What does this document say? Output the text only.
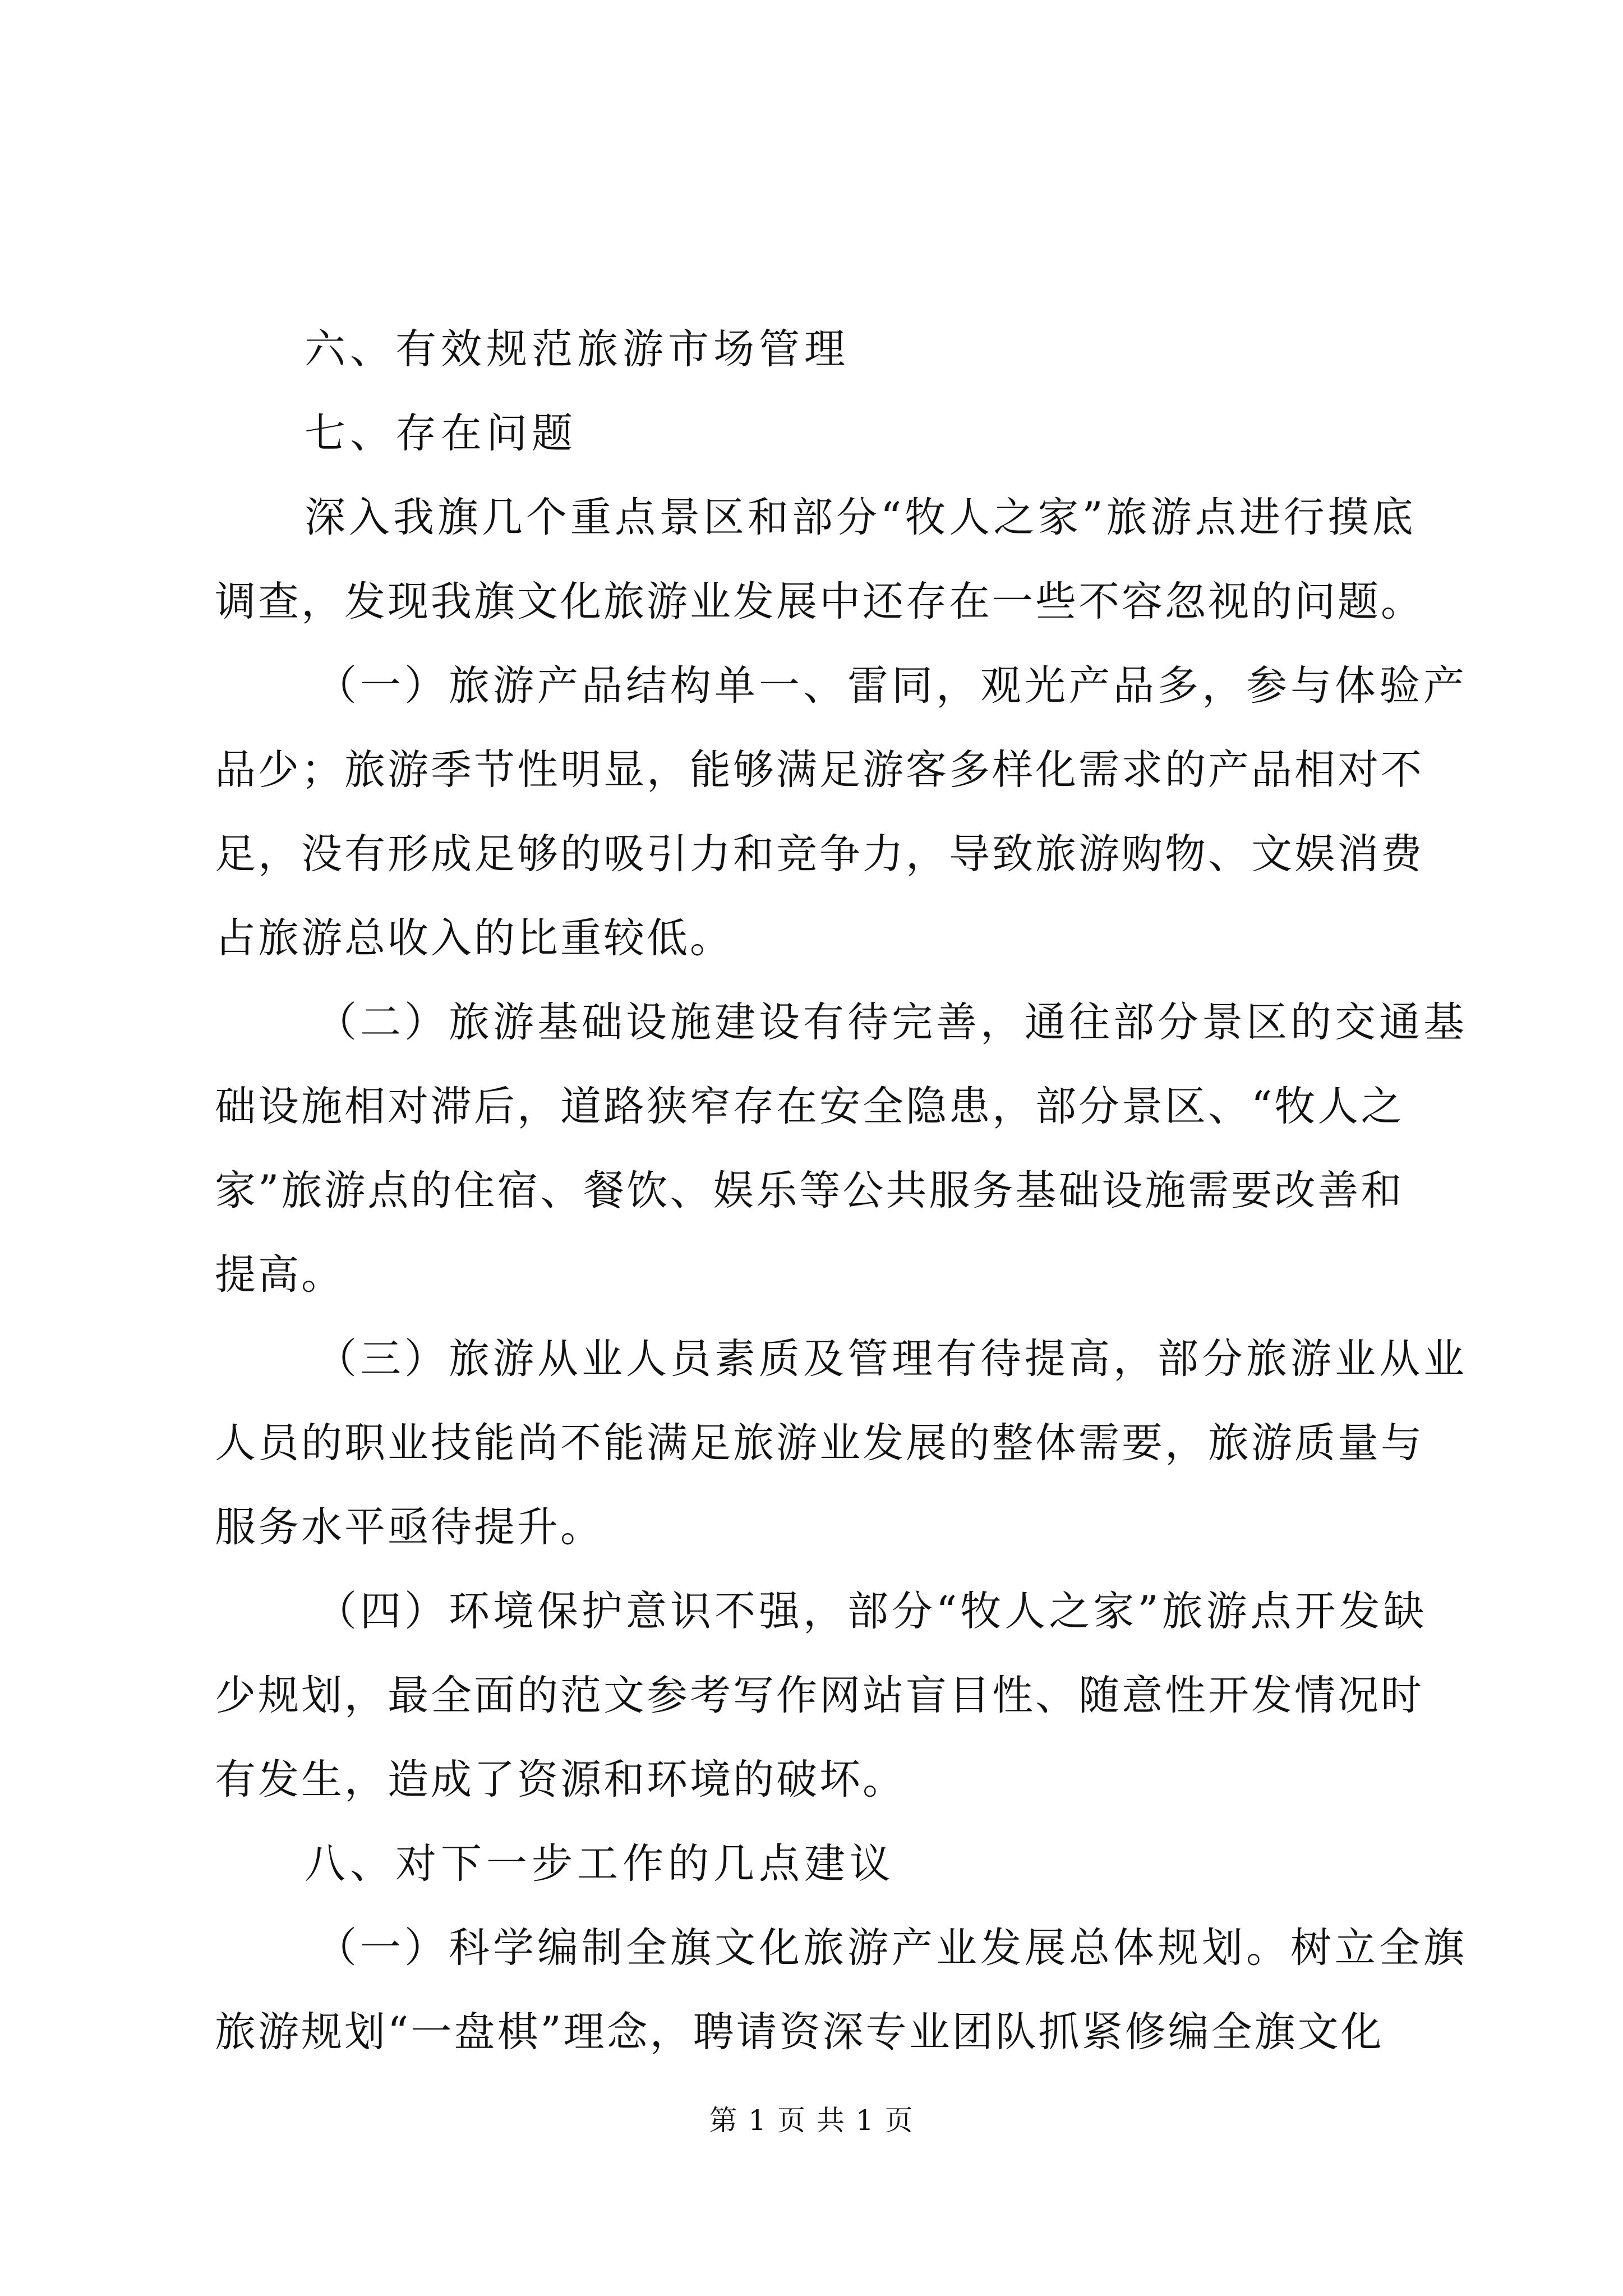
六、有效规范旅游市场管理

七、存在问题

深入我旗几个重点景区和部分“牧人之家”旅游点进行摸底

调查，发现我旗文化旅游业发展中还存在一些不容忽视的问题。

（一）旅游产品结构单一、雷同，观光产品多，参与体验产

品少；旅游季节性明显，能够满足游客多样化需求的产品相对不

足，没有形成足够的吸引力和竞争力，导致旅游购物、文娱消费

占旅游总收入的比重较低。

（二）旅游基础设施建设有待完善，通往部分景区的交通基

础设施相对滞后，道路狭窄存在安全隐患，部分景区、“牧人之

家”旅游点的住宿、餐饮、娱乐等公共服务基础设施需要改善和

提高。

（三）旅游从业人员素质及管理有待提高，部分旅游业从业

人员的职业技能尚不能满足旅游业发展的整体需要，旅游质量与

服务水平亟待提升。

（四）环境保护意识不强，部分“牧人之家”旅游点开发缺

少规划，最全面的范文参考写作网站盲目性、随意性开发情况时

有发生，造成了资源和环境的破坏。

八、对下一步工作的几点建议

（一）科学编制全旗文化旅游产业发展总体规划。树立全旗

旅游规划“一盘棋”理念，聘请资深专业团队抓紧修编全旗文化

第 1 页 共 1 页
